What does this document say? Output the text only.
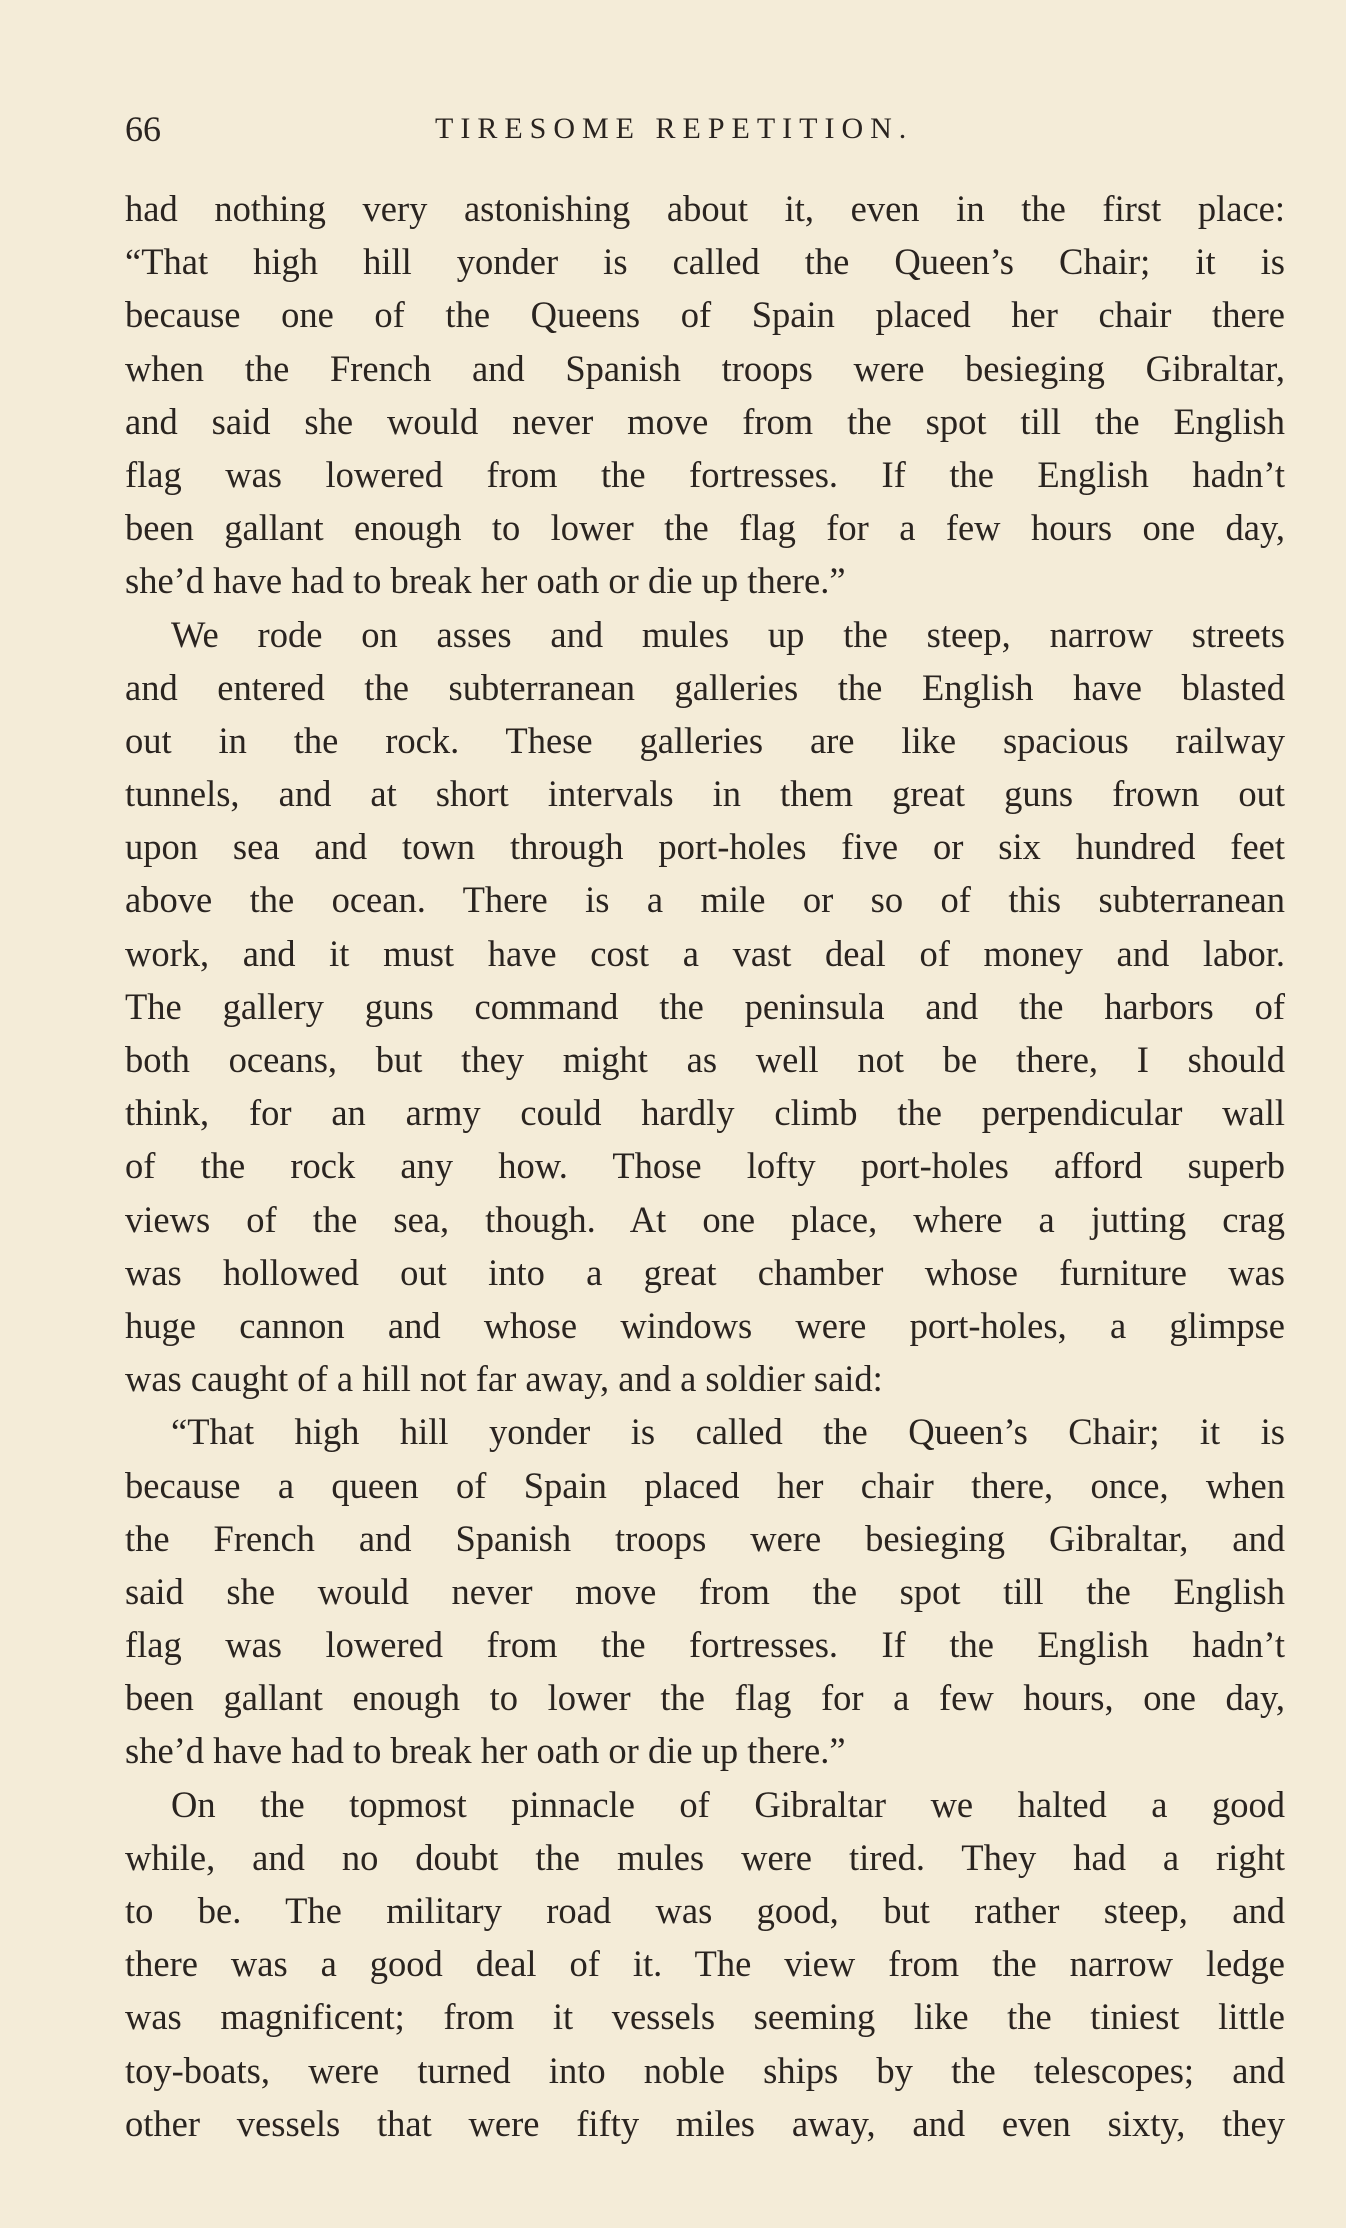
66	TIRESOME REPETITION.
had nothing very astonishing about it, even in the first place:
“That high hill yonder is called the Queen’s Chair; it is
because one of the Queens of Spain placed her chair there
when the French and Spanish troops were besieging Gibraltar,
and said she would never move from the spot till the English
flag was lowered from the fortresses. If the English hadn’t
been gallant enough to lower the flag for a few hours one day,
she’d have had to break her oath or die up there.”
We rode on asses and mules up the steep, narrow streets
and entered the subterranean galleries the English have blasted
out in the rock. These galleries are like spacious railway
tunnels, and at short intervals in them great guns frown out
upon sea and town through port-holes five or six hundred feet
above the ocean. There is a mile or so of this subterranean
work, and it must have cost a vast deal of money and labor.
The gallery guns command the peninsula and the harbors of
both oceans, but they might as well not be there, I should
think, for an army could hardly climb the perpendicular wall
of the rock any how. Those lofty port-holes afford superb
views of the sea, though. At one place, where a jutting crag
was hollowed out into a great chamber whose furniture was
huge cannon and whose windows were port-holes, a glimpse
was caught of a hill not far away, and a soldier said:
“That high hill yonder is called the Queen’s Chair; it is
because a queen of Spain placed her chair there, once, when
the French and Spanish troops were besieging Gibraltar, and
said she would never move from the spot till the English
flag was lowered from the fortresses. If the English hadn’t
been gallant enough to lower the flag for a few hours, one day,
she’d have had to break her oath or die up there.”
On the topmost pinnacle of Gibraltar we halted a good
while, and no doubt the mules were tired. They had a right
to be. The military road was good, but rather steep, and
there was a good deal of it. The view from the narrow ledge
was magnificent; from it vessels seeming like the tiniest little
toy-boats, were turned into noble ships by the telescopes; and
other vessels that were fifty miles away, and even sixty, they
